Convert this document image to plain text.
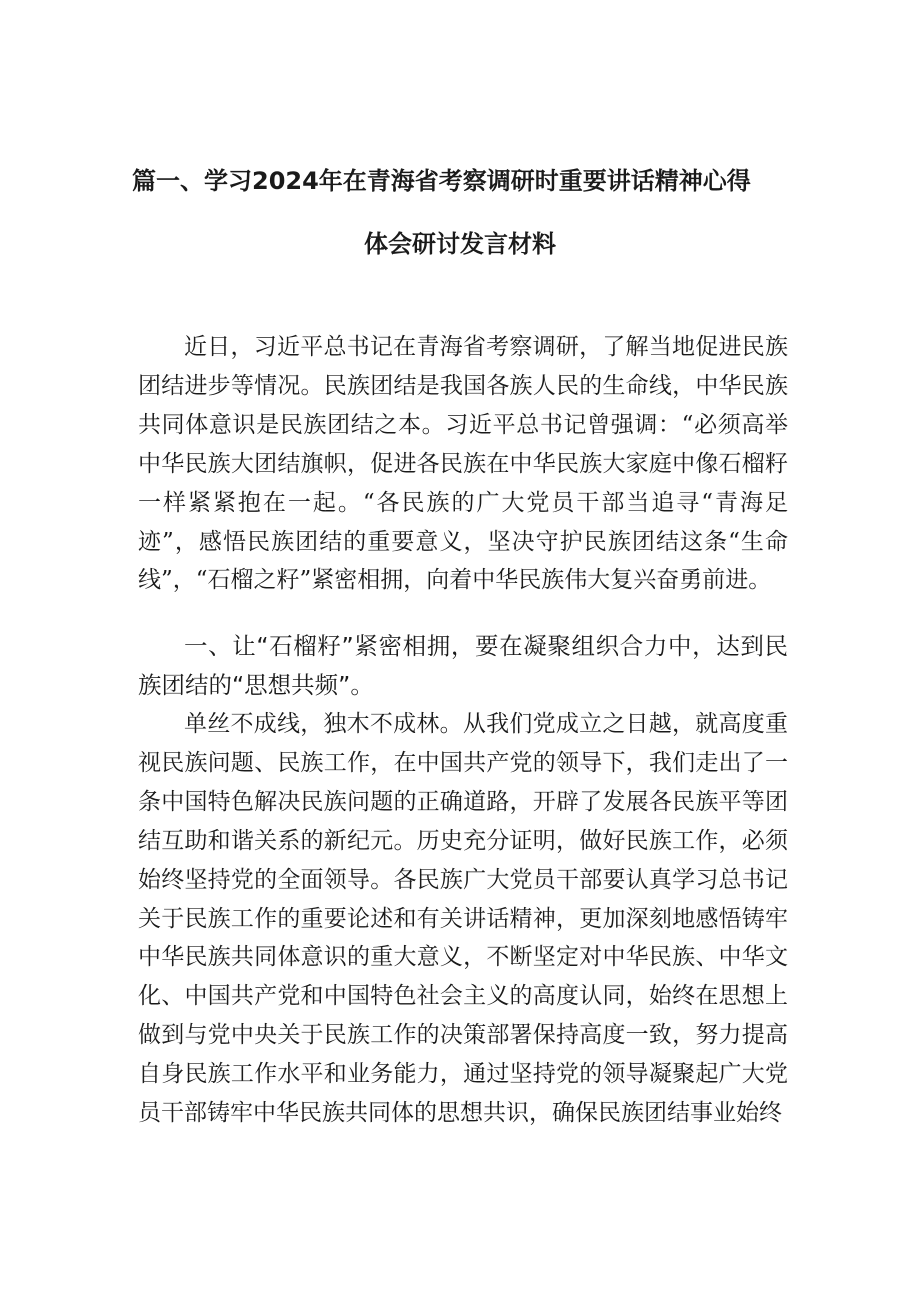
篇一、学习2024年在青海省考察调研时重要讲话精神心得
体会研讨发言材料

近日，习近平总书记在青海省考察调研，了解当地促进民族团结进步等情况。民族团结是我国各族人民的生命线，中华民族共同体意识是民族团结之本。习近平总书记曾强调：“必须高举中华民族大团结旗帜，促进各民族在中华民族大家庭中像石榴籽一样紧紧抱在一起。“各民族的广大党员干部当追寻“青海足迹”，感悟民族团结的重要意义，坚决守护民族团结这条“生命线”，“石榴之籽”紧密相拥，向着中华民族伟大复兴奋勇前进。

一、让“石榴籽”紧密相拥，要在凝聚组织合力中，达到民族团结的“思想共频”。

单丝不成线，独木不成林。从我们党成立之日越，就高度重视民族问题、民族工作，在中国共产党的领导下，我们走出了一条中国特色解决民族问题的正确道路，开辟了发展各民族平等团结互助和谐关系的新纪元。历史充分证明，做好民族工作，必须始终坚持党的全面领导。各民族广大党员干部要认真学习总书记关于民族工作的重要论述和有关讲话精神，更加深刻地感悟铸牢中华民族共同体意识的重大意义，不断坚定对中华民族、中华文化、中国共产党和中国特色社会主义的高度认同，始终在思想上做到与党中央关于民族工作的决策部署保持高度一致，努力提高自身民族工作水平和业务能力，通过坚持党的领导凝聚起广大党员干部铸牢中华民族共同体的思想共识，确保民族团结事业始终
